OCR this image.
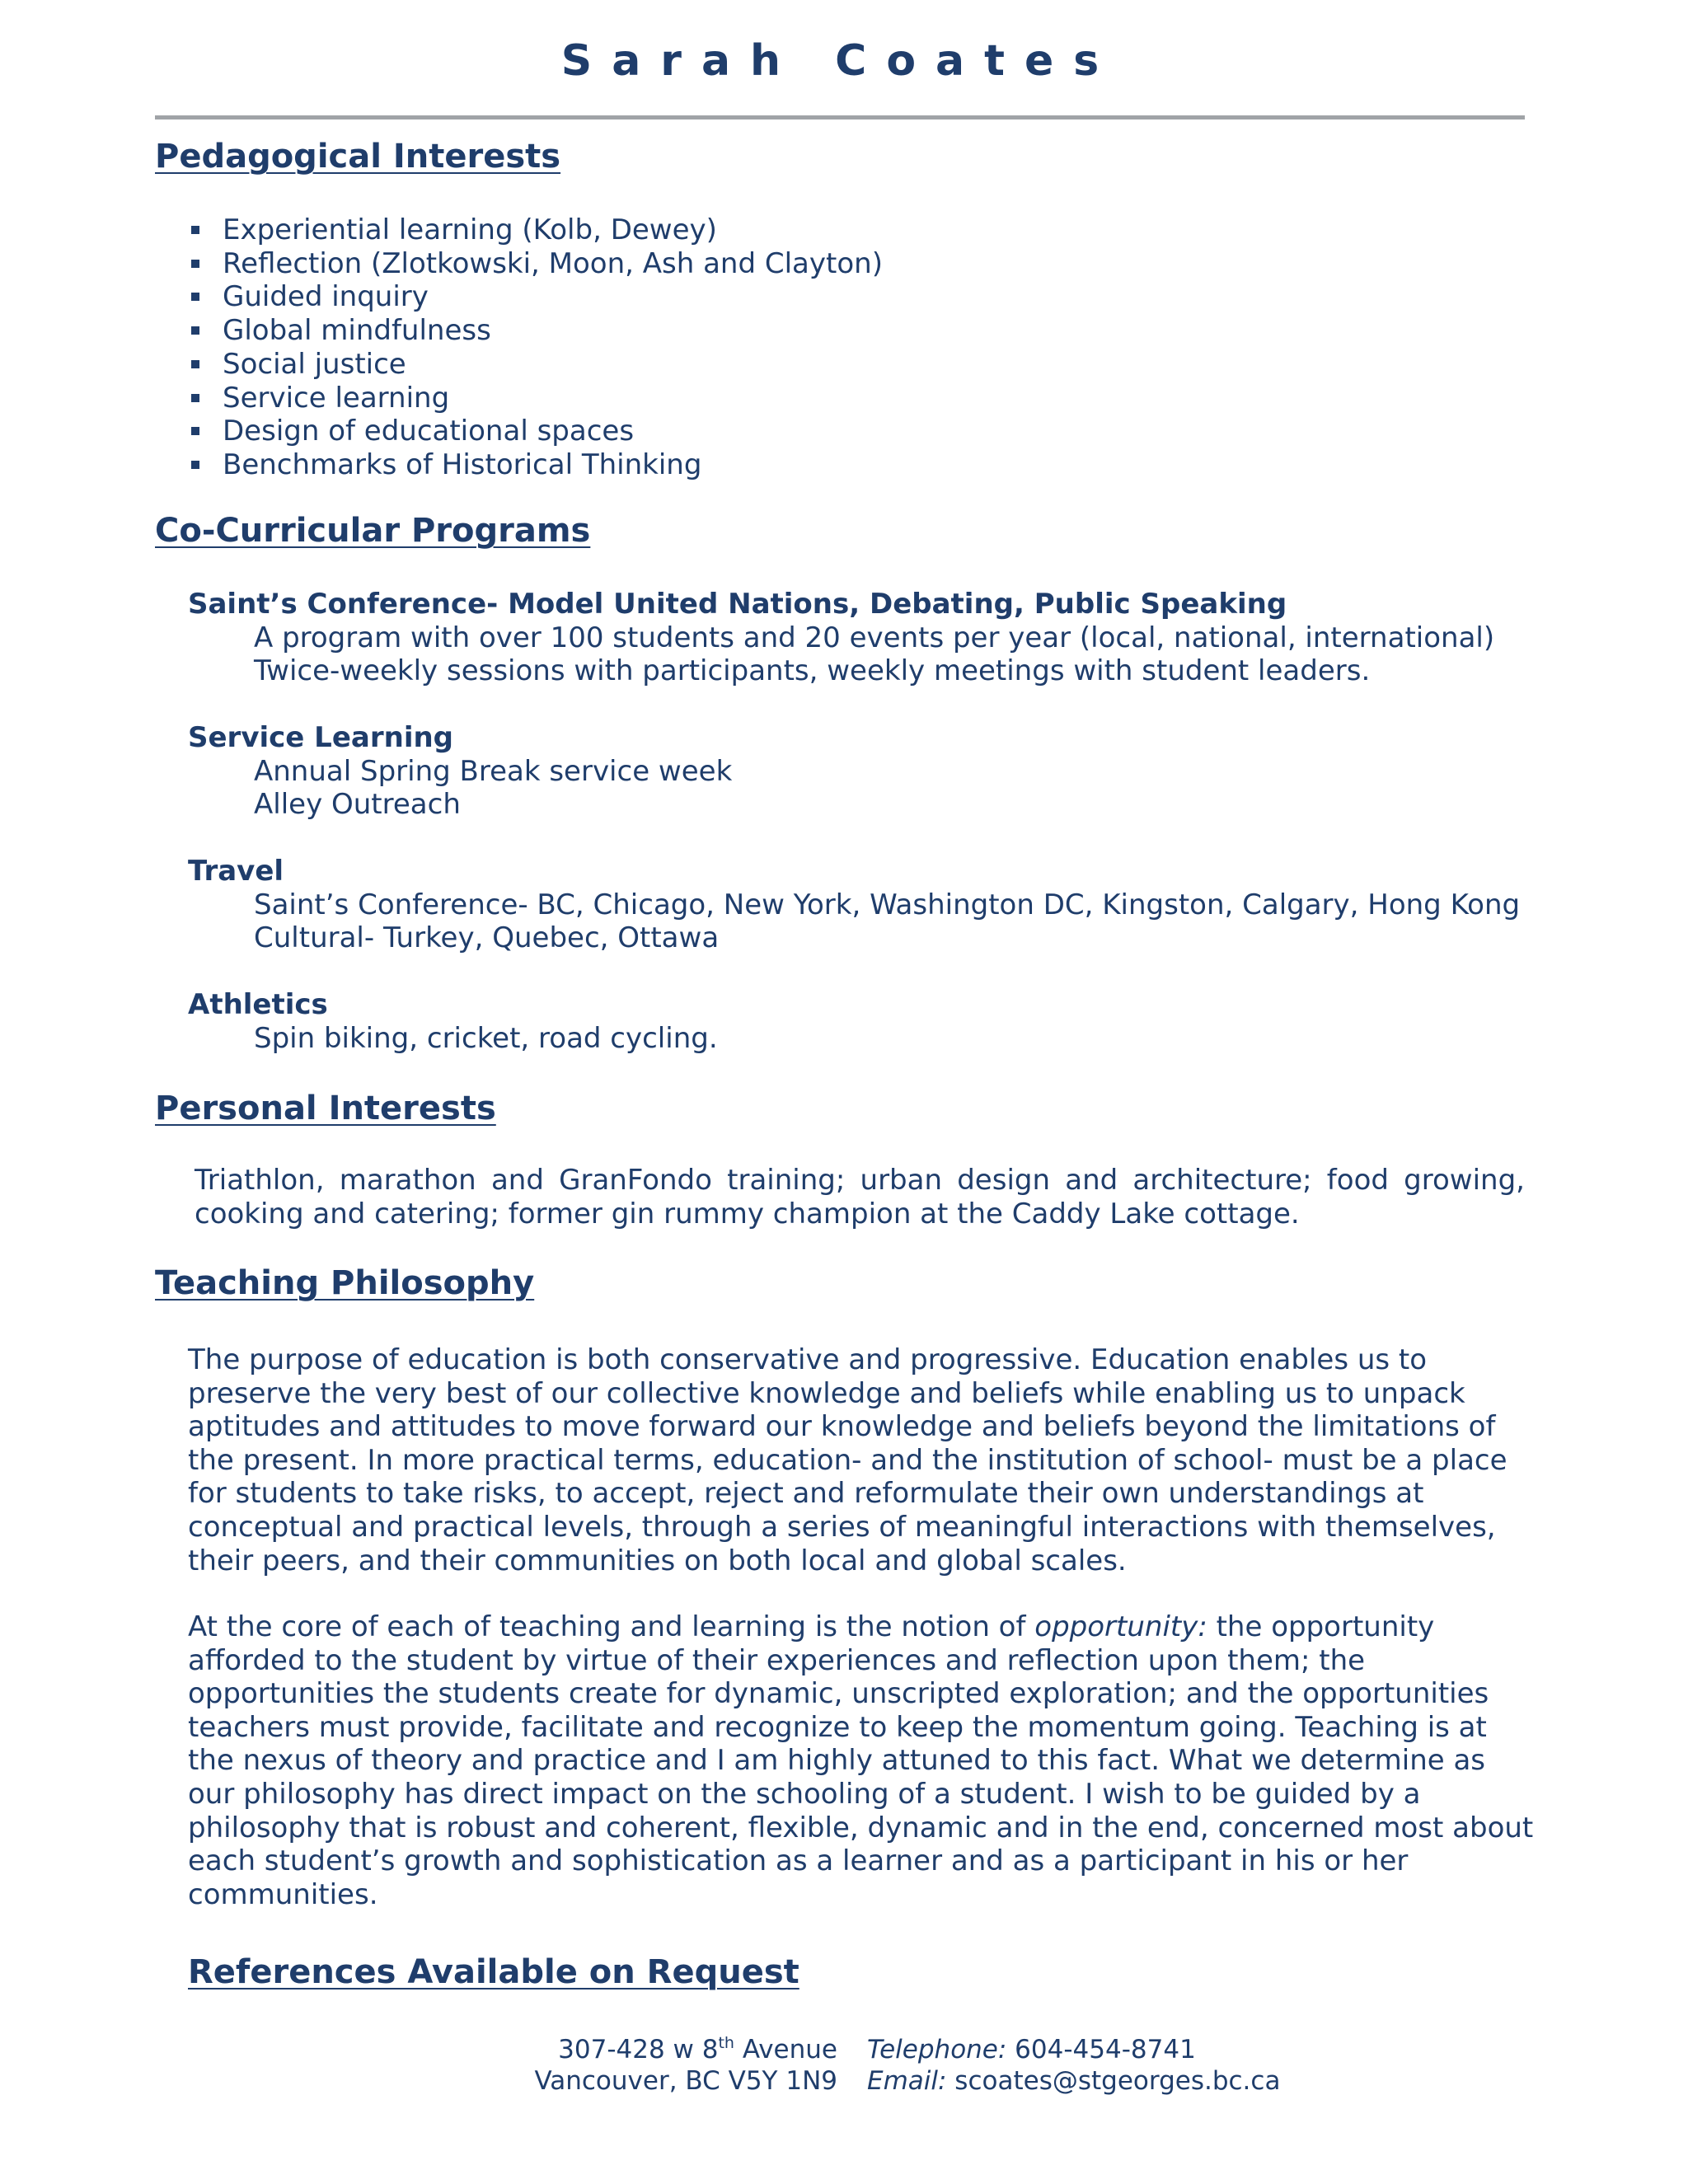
Sarah Coates
Pedagogical Interests
Experiential learning (Kolb, Dewey)
Reflection (Zlotkowski, Moon, Ash and Clayton)
Guided inquiry
Global mindfulness
Social justice
Service learning
Design of educational spaces
Benchmarks of Historical Thinking
Co-Curricular Programs
Saint’s Conference- Model United Nations, Debating, Public Speaking
A program with over 100 students and 20 events per year (local, national, international)
Twice-weekly sessions with participants, weekly meetings with student leaders.
Service Learning
Annual Spring Break service week
Alley Outreach
Travel
Saint’s Conference- BC, Chicago, New York, Washington DC, Kingston, Calgary, Hong Kong
Cultural- Turkey, Quebec, Ottawa
Athletics
Spin biking, cricket, road cycling.
Personal Interests
Triathlon, marathon and GranFondo training; urban design and architecture; food growing, cooking and catering; former gin rummy champion at the Caddy Lake cottage.
Teaching Philosophy
The purpose of education is both conservative and progressive. Education enables us to
preserve the very best of our collective knowledge and beliefs while enabling us to unpack
aptitudes and attitudes to move forward our knowledge and beliefs beyond the limitations of
the present. In more practical terms, education- and the institution of school- must be a place
for students to take risks, to accept, reject and reformulate their own understandings at
conceptual and practical levels, through a series of meaningful interactions with themselves,
their peers, and their communities on both local and global scales.
At the core of each of teaching and learning is the notion of opportunity: the opportunity
afforded to the student by virtue of their experiences and reflection upon them; the
opportunities the students create for dynamic, unscripted exploration; and the opportunities
teachers must provide, facilitate and recognize to keep the momentum going. Teaching is at
the nexus of theory and practice and I am highly attuned to this fact. What we determine as
our philosophy has direct impact on the schooling of a student. I wish to be guided by a
philosophy that is robust and coherent, flexible, dynamic and in the end, concerned most about
each student’s growth and sophistication as a learner and as a participant in his or her
communities.
References Available on Request
307-428 w 8th Avenue
Vancouver, BC V5Y 1N9
Telephone: 604-454-8741
Email: scoates@stgeorges.bc.ca
